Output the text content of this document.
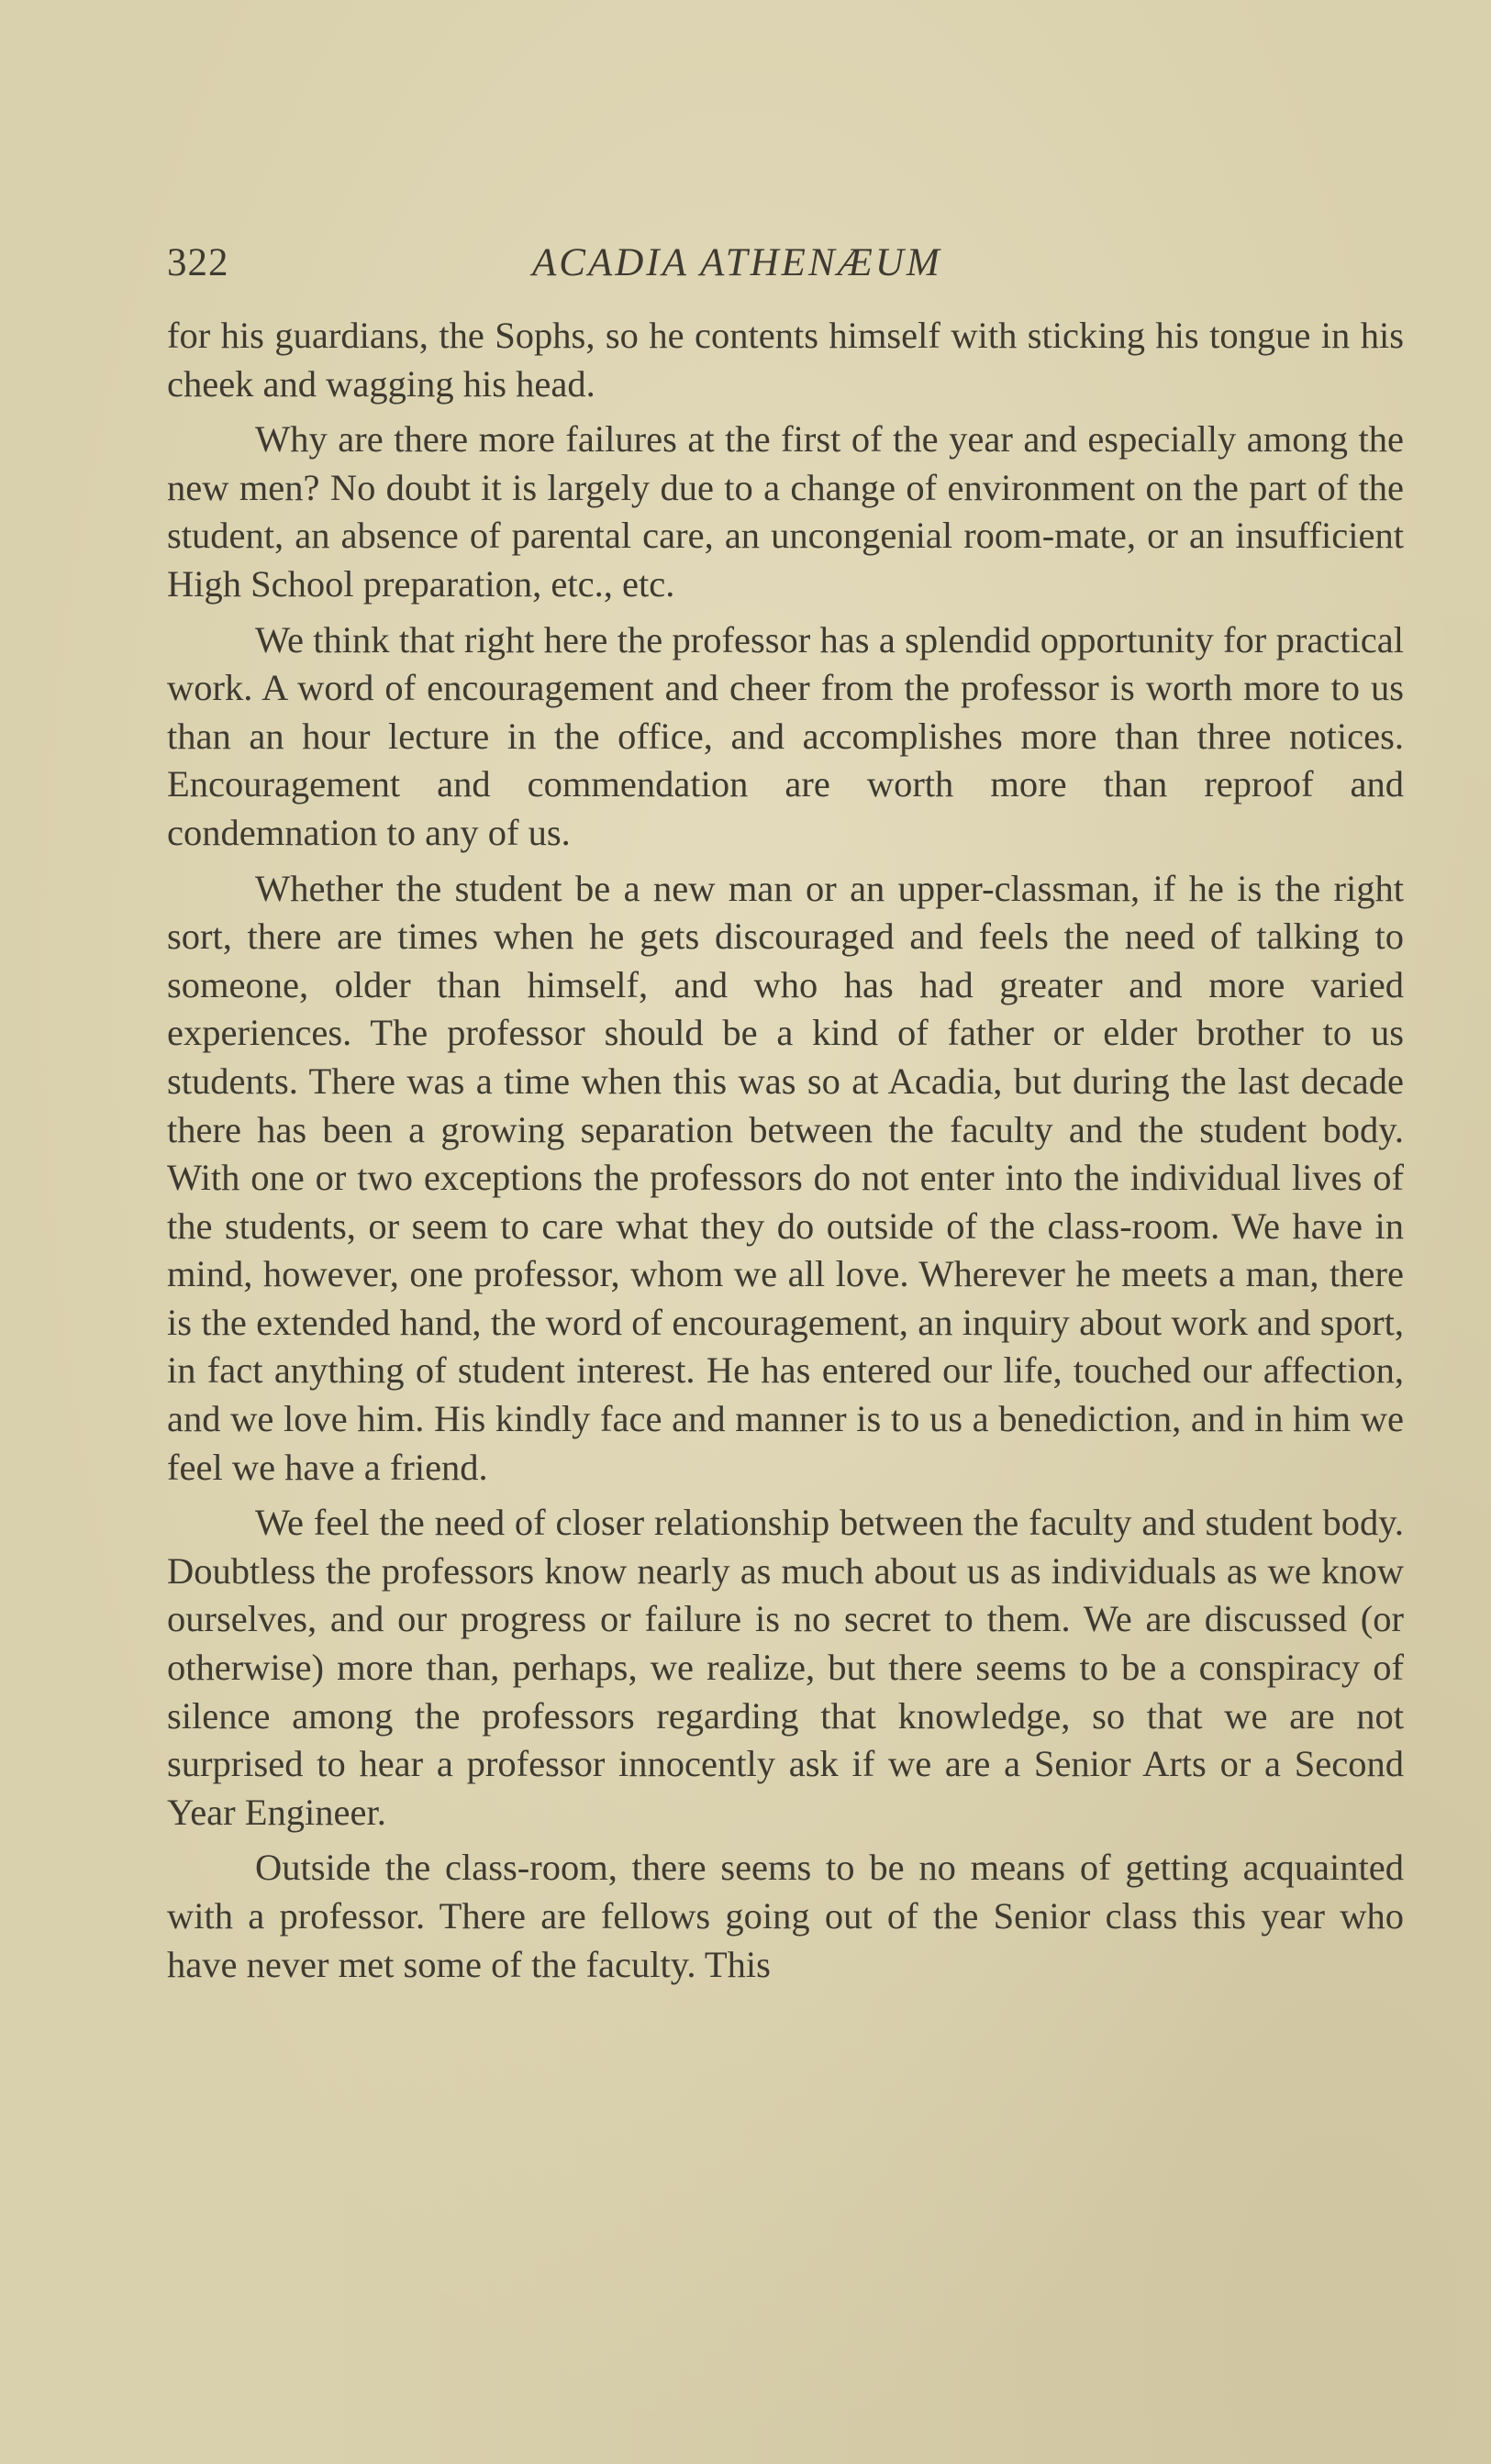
322	ACADIA ATHENÆUM

for his guardians, the Sophs, so he contents himself with sticking his tongue in his cheek and wagging his head.

Why are there more failures at the first of the year and especially among the new men? No doubt it is largely due to a change of environment on the part of the student, an absence of parental care, an uncongenial room-mate, or an insufficient High School preparation, etc., etc.

We think that right here the professor has a splendid opportunity for practical work. A word of encouragement and cheer from the professor is worth more to us than an hour lecture in the office, and accomplishes more than three notices. Encouragement and commendation are worth more than reproof and condemnation to any of us.

Whether the student be a new man or an upper-classman, if he is the right sort, there are times when he gets discouraged and feels the need of talking to someone, older than himself, and who has had greater and more varied experiences. The professor should be a kind of father or elder brother to us students. There was a time when this was so at Acadia, but during the last decade there has been a growing separation between the faculty and the student body. With one or two exceptions the professors do not enter into the individual lives of the students, or seem to care what they do outside of the class-room. We have in mind, however, one professor, whom we all love. Wherever he meets a man, there is the extended hand, the word of encouragement, an inquiry about work and sport, in fact anything of student interest. He has entered our life, touched our affection, and we love him. His kindly face and manner is to us a benediction, and in him we feel we have a friend.

We feel the need of closer relationship between the faculty and student body. Doubtless the professors know nearly as much about us as individuals as we know ourselves, and our progress or failure is no secret to them. We are discussed (or otherwise) more than, perhaps, we realize, but there seems to be a conspiracy of silence among the professors regarding that knowledge, so that we are not surprised to hear a professor innocently ask if we are a Senior Arts or a Second Year Engineer.

Outside the class-room, there seems to be no means of getting acquainted with a professor. There are fellows going out of the Senior class this year who have never met some of the faculty. This
